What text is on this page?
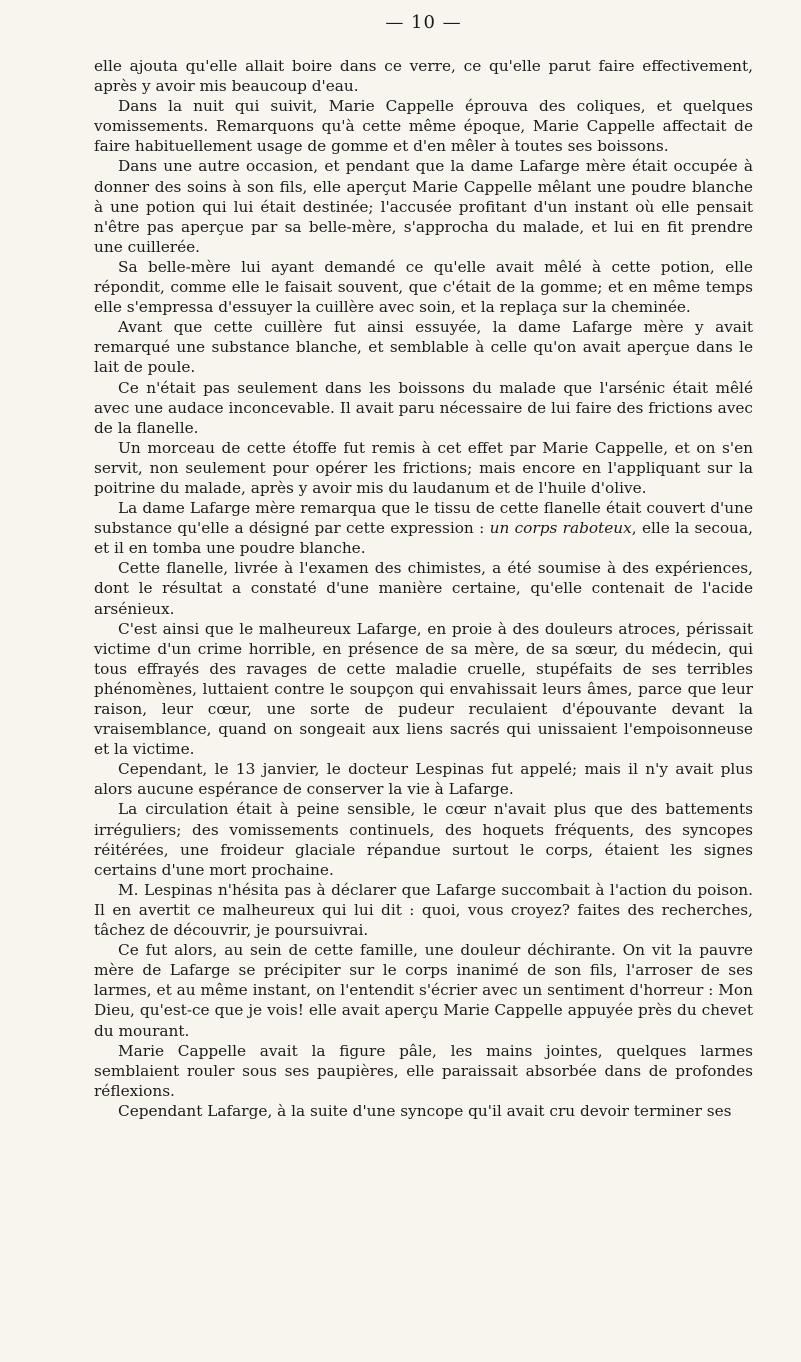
— 10 —

elle ajouta qu'elle allait boire dans ce verre, ce qu'elle parut faire effectivement, après y avoir mis beaucoup d'eau.

Dans la nuit qui suivit, Marie Cappelle éprouva des coliques, et quelques vomissements. Remarquons qu'à cette même époque, Marie Cappelle affectait de faire habituellement usage de gomme et d'en mêler à toutes ses boissons.

Dans une autre occasion, et pendant que la dame Lafarge mère était occupée à donner des soins à son fils, elle aperçut Marie Cappelle mêlant une poudre blanche à une potion qui lui était destinée; l'accusée profitant d'un instant où elle pensait n'être pas aperçue par sa belle-mère, s'approcha du malade, et lui en fit prendre une cuillerée.

Sa belle-mère lui ayant demandé ce qu'elle avait mêlé à cette potion, elle répondit, comme elle le faisait souvent, que c'était de la gomme; et en même temps elle s'empressa d'essuyer la cuillère avec soin, et la replaça sur la cheminée.

Avant que cette cuillère fut ainsi essuyée, la dame Lafarge mère y avait remarqué une substance blanche, et semblable à celle qu'on avait aperçue dans le lait de poule.

Ce n'était pas seulement dans les boissons du malade que l'arsénic était mêlé avec une audace inconcevable. Il avait paru nécessaire de lui faire des frictions avec de la flanelle.

Un morceau de cette étoffe fut remis à cet effet par Marie Cappelle, et on s'en servit, non seulement pour opérer les frictions; mais encore en l'appliquant sur la poitrine du malade, après y avoir mis du laudanum et de l'huile d'olive.

La dame Lafarge mère remarqua que le tissu de cette flanelle était couvert d'une substance qu'elle a désigné par cette expression : un corps raboteux, elle la secoua, et il en tomba une poudre blanche.

Cette flanelle, livrée à l'examen des chimistes, a été soumise à des expériences, dont le résultat a constaté d'une manière certaine, qu'elle contenait de l'acide arsénieux.

C'est ainsi que le malheureux Lafarge, en proie à des douleurs atroces, périssait victime d'un crime horrible, en présence de sa mère, de sa sœur, du médecin, qui tous effrayés des ravages de cette maladie cruelle, stupéfaits de ses terribles phénomènes, luttaient contre le soupçon qui envahissait leurs âmes, parce que leur raison, leur cœur, une sorte de pudeur reculaient d'épouvante devant la vraisemblance, quand on songeait aux liens sacrés qui unissaient l'empoisonneuse et la victime.

Cependant, le 13 janvier, le docteur Lespinas fut appelé; mais il n'y avait plus alors aucune espérance de conserver la vie à Lafarge.

La circulation était à peine sensible, le cœur n'avait plus que des battements irréguliers; des vomissements continuels, des hoquets fréquents, des syncopes réitérées, une froideur glaciale répandue surtout le corps, étaient les signes certains d'une mort prochaine.

M. Lespinas n'hésita pas à déclarer que Lafarge succombait à l'action du poison. Il en avertit ce malheureux qui lui dit : quoi, vous croyez? faites des recherches, tâchez de découvrir, je poursuivrai.

Ce fut alors, au sein de cette famille, une douleur déchirante. On vit la pauvre mère de Lafarge se précipiter sur le corps inanimé de son fils, l'arroser de ses larmes, et au même instant, on l'entendit s'écrier avec un sentiment d'horreur : Mon Dieu, qu'est-ce que je vois! elle avait aperçu Marie Cappelle appuyée près du chevet du mourant.

Marie Cappelle avait la figure pâle, les mains jointes, quelques larmes semblaient rouler sous ses paupières, elle paraissait absorbée dans de profondes réflexions.

Cependant Lafarge, à la suite d'une syncope qu'il avait cru devoir terminer ses
